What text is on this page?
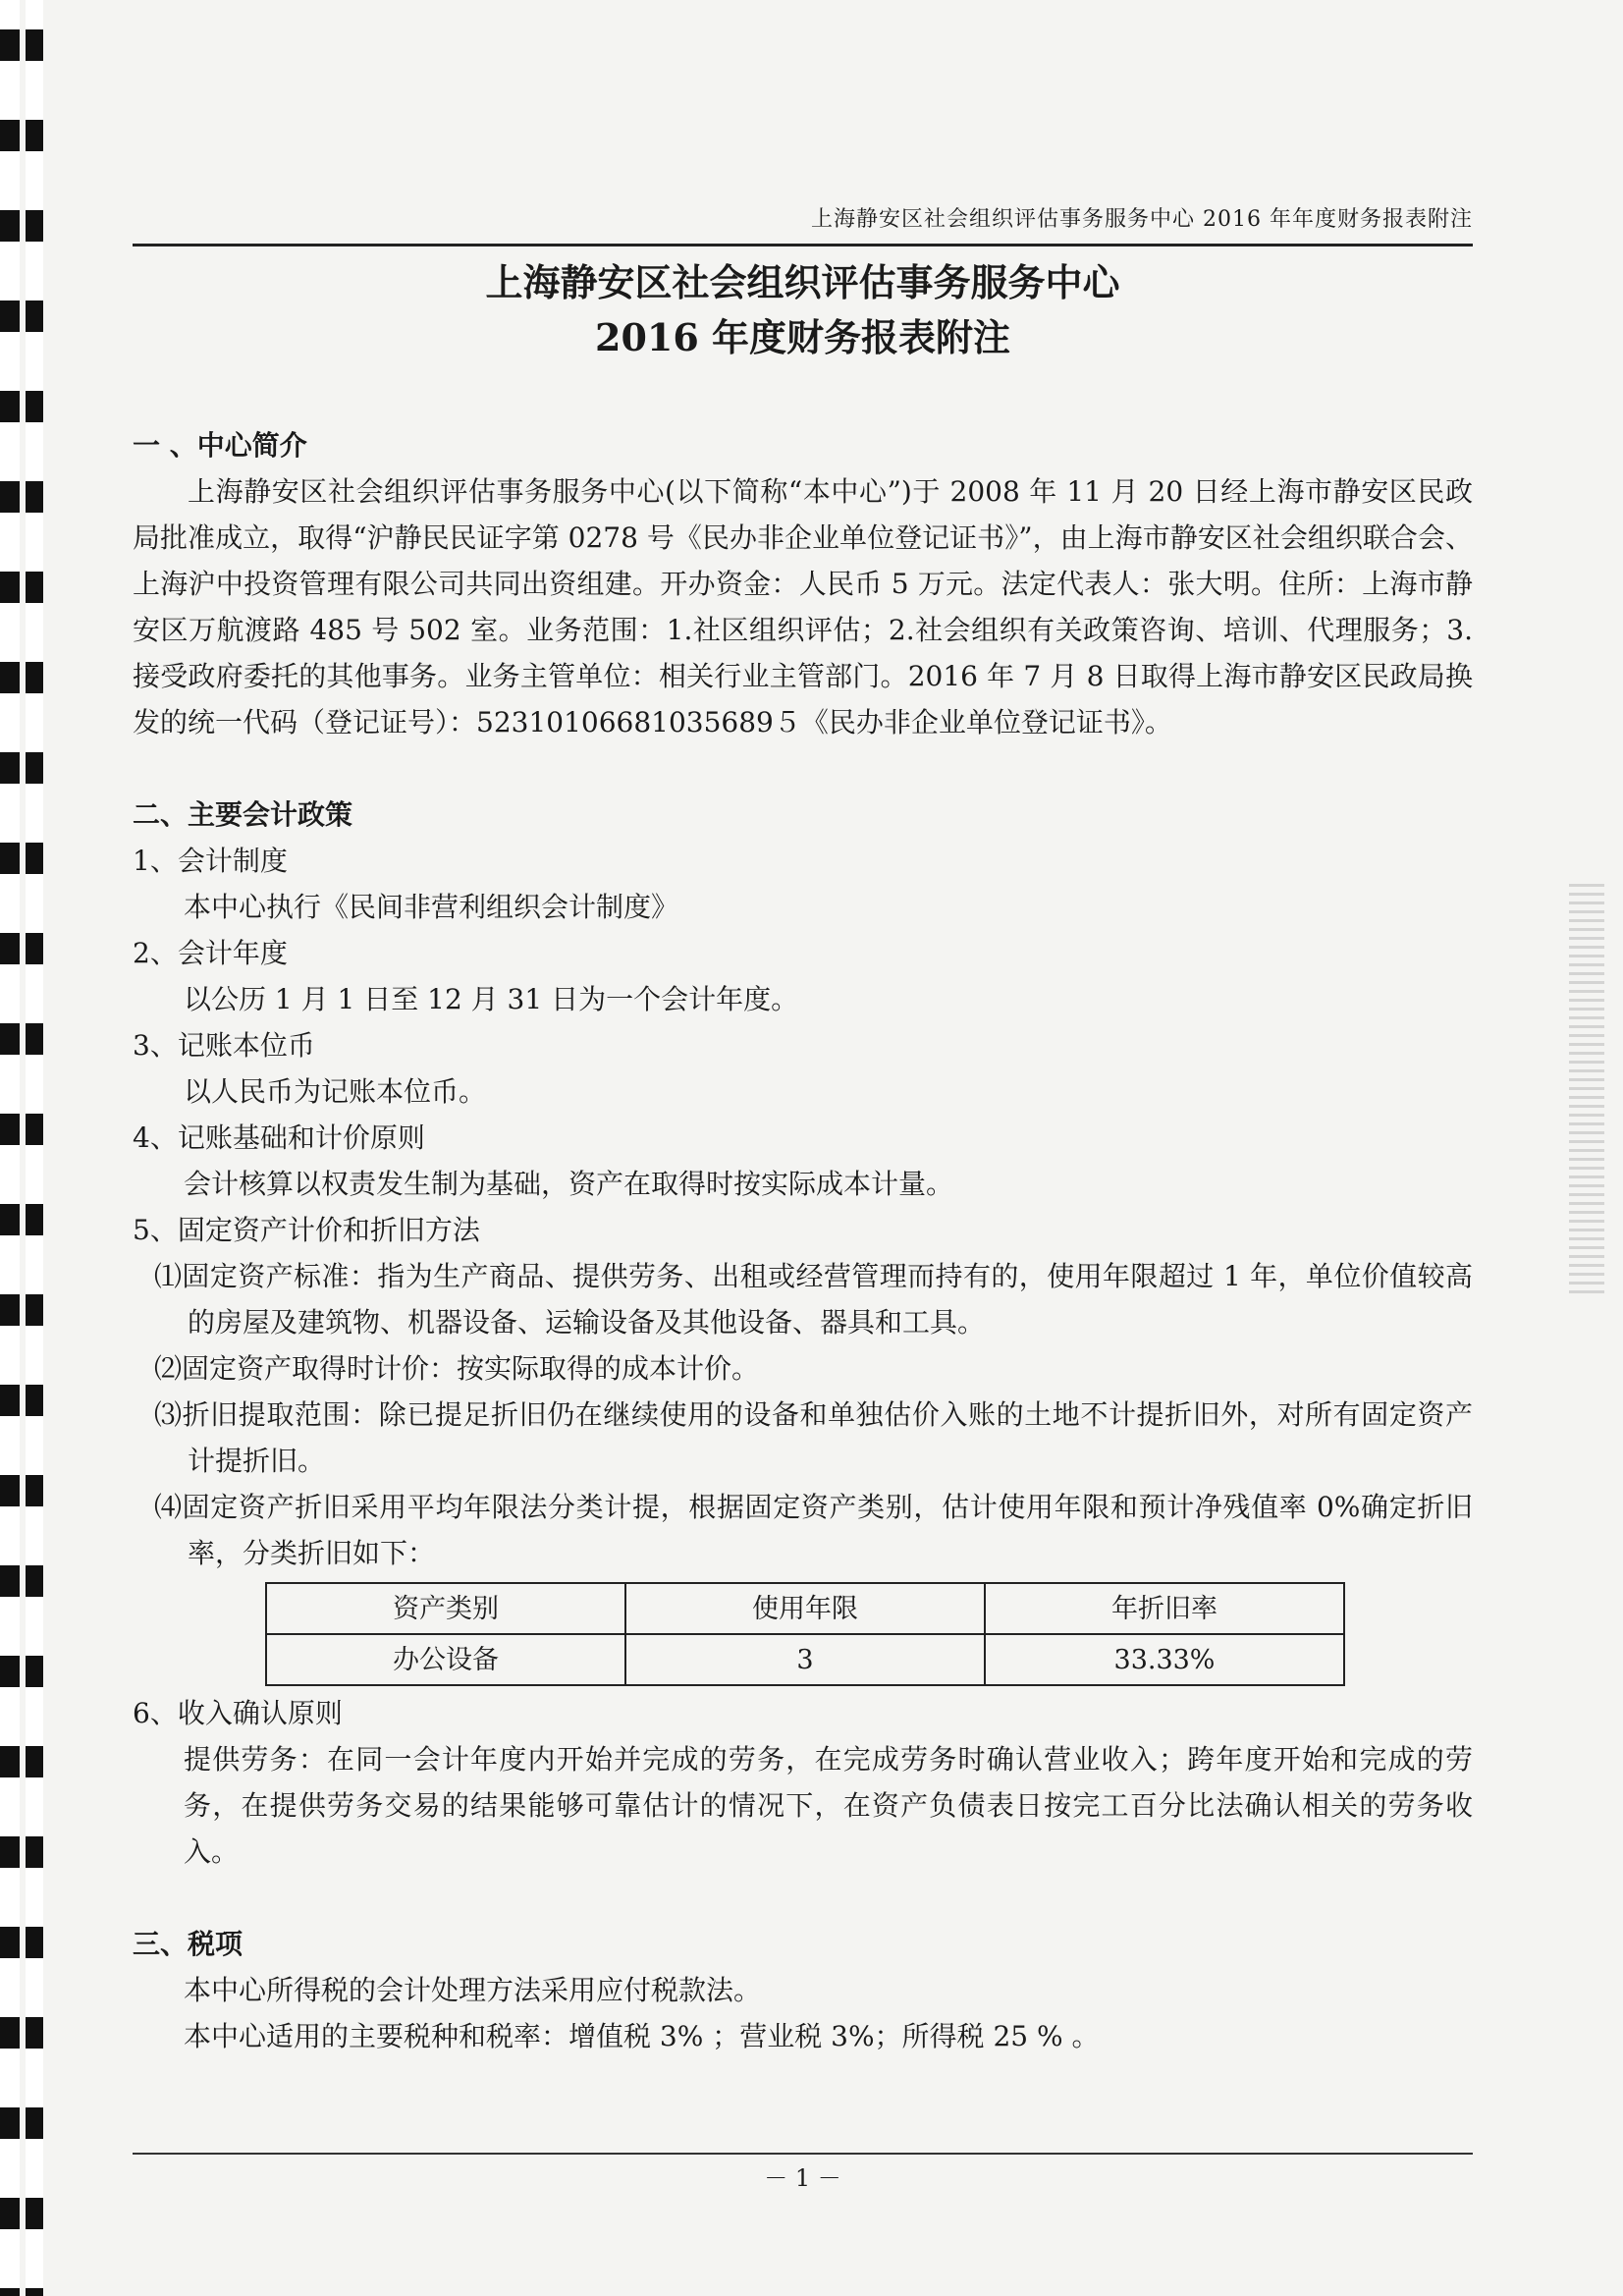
上海静安区社会组织评估事务服务中心 2016 年年度财务报表附注
上海静安区社会组织评估事务服务中心
2016 年度财务报表附注

一 、中心简介

上海静安区社会组织评估事务服务中心(以下简称“本中心”)于 2008 年 11 月 20 日经上海市静安区民政局批准成立，取得“沪静民民证字第 0278 号《民办非企业单位登记证书》”，由上海市静安区社会组织联合会、上海沪中投资管理有限公司共同出资组建。开办资金：人民币 5 万元。法定代表人：张大明。住所：上海市静安区万航渡路 485 号 502 室。业务范围：1.社区组织评估；2.社会组织有关政策咨询、培训、代理服务；3.接受政府委托的其他事务。业务主管单位：相关行业主管部门。2016 年 7 月 8 日取得上海市静安区民政局换发的统一代码（登记证号）：52310106681035689５《民办非企业单位登记证书》。

二、主要会计政策

1、会计制度

本中心执行《民间非营利组织会计制度》

2、会计年度

以公历 1 月 1 日至 12 月 31 日为一个会计年度。

3、记账本位币

以人民币为记账本位币。

4、记账基础和计价原则

会计核算以权责发生制为基础，资产在取得时按实际成本计量。

5、固定资产计价和折旧方法

⑴固定资产标准：指为生产商品、提供劳务、出租或经营管理而持有的，使用年限超过 1 年，单位价值较高的房屋及建筑物、机器设备、运输设备及其他设备、器具和工具。

⑵固定资产取得时计价：按实际取得的成本计价。

⑶折旧提取范围：除已提足折旧仍在继续使用的设备和单独估价入账的土地不计提折旧外，对所有固定资产计提折旧。

⑷固定资产折旧采用平均年限法分类计提，根据固定资产类别，估计使用年限和预计净残值率 0%确定折旧率，分类折旧如下：

资产类别	使用年限	年折旧率
办公设备	3	33.33%

6、收入确认原则

提供劳务：在同一会计年度内开始并完成的劳务，在完成劳务时确认营业收入；跨年度开始和完成的劳务，在提供劳务交易的结果能够可靠估计的情况下，在资产负债表日按完工百分比法确认相关的劳务收入。

三、税项

本中心所得税的会计处理方法采用应付税款法。

本中心适用的主要税种和税率：增值税 3% ；营业税 3%；所得税 25 % 。

－ 1 －
